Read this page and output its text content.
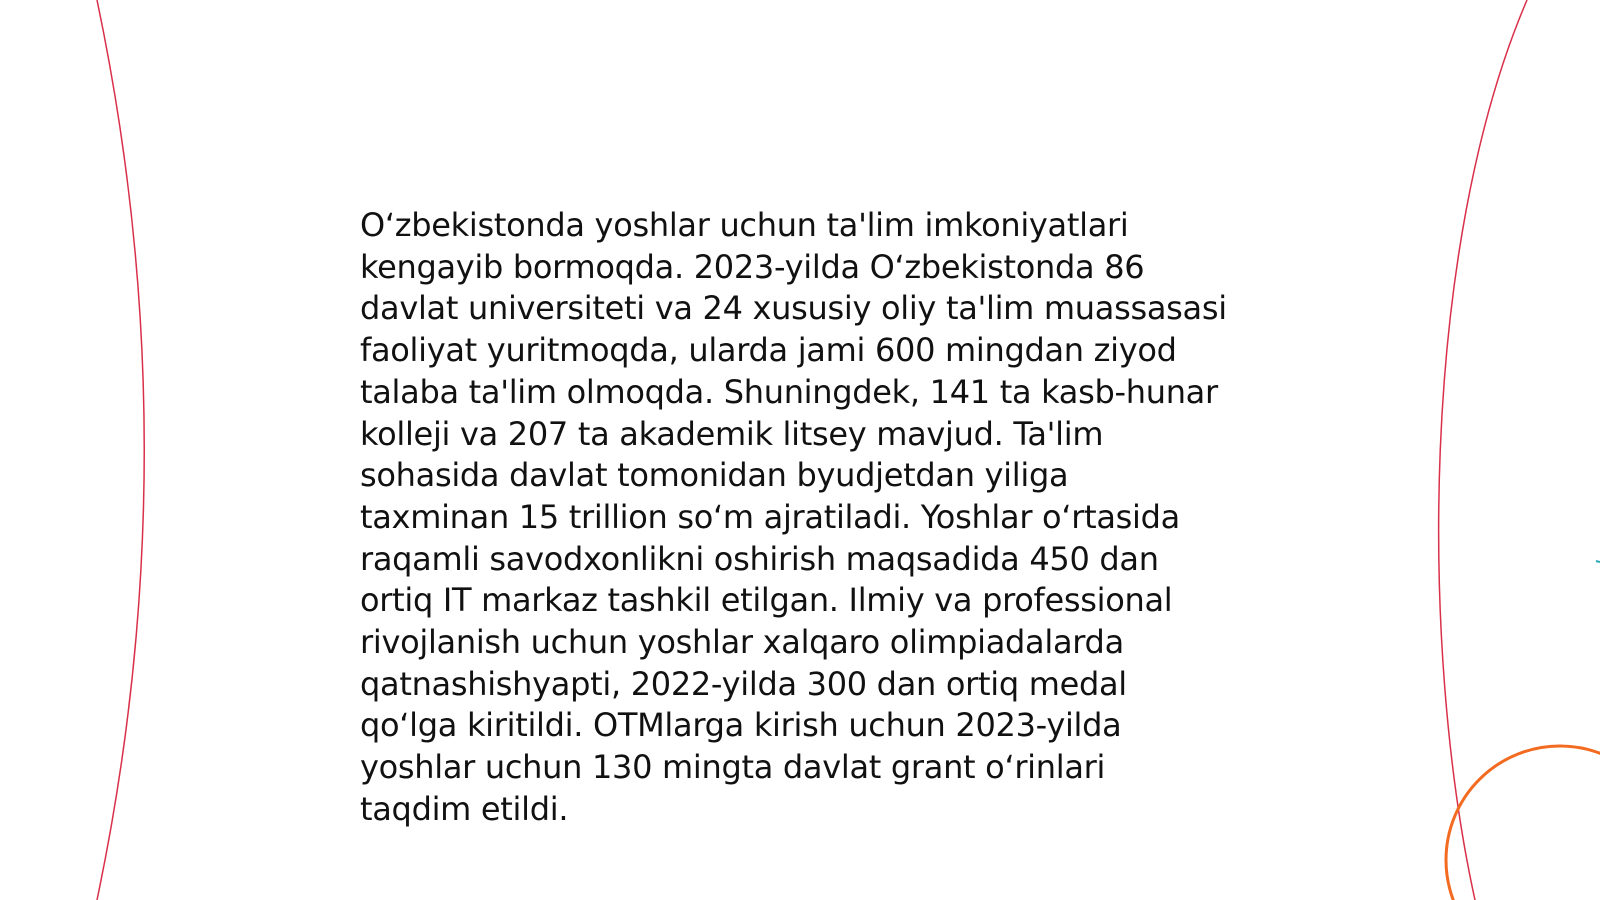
O‘zbekistonda yoshlar uchun ta'lim imkoniyatlari
kengayib bormoqda. 2023-yilda O‘zbekistonda 86
davlat universiteti va 24 xususiy oliy ta'lim muassasasi
faoliyat yuritmoqda, ularda jami 600 mingdan ziyod
talaba ta'lim olmoqda. Shuningdek, 141 ta kasb-hunar
kolleji va 207 ta akademik litsey mavjud. Ta'lim
sohasida davlat tomonidan byudjetdan yiliga
taxminan 15 trillion so‘m ajratiladi. Yoshlar o‘rtasida
raqamli savodxonlikni oshirish maqsadida 450 dan
ortiq IT markaz tashkil etilgan. Ilmiy va professional
rivojlanish uchun yoshlar xalqaro olimpiadalarda
qatnashishyapti, 2022-yilda 300 dan ortiq medal
qo‘lga kiritildi. OTMlarga kirish uchun 2023-yilda
yoshlar uchun 130 mingta davlat grant o‘rinlari
taqdim etildi.
